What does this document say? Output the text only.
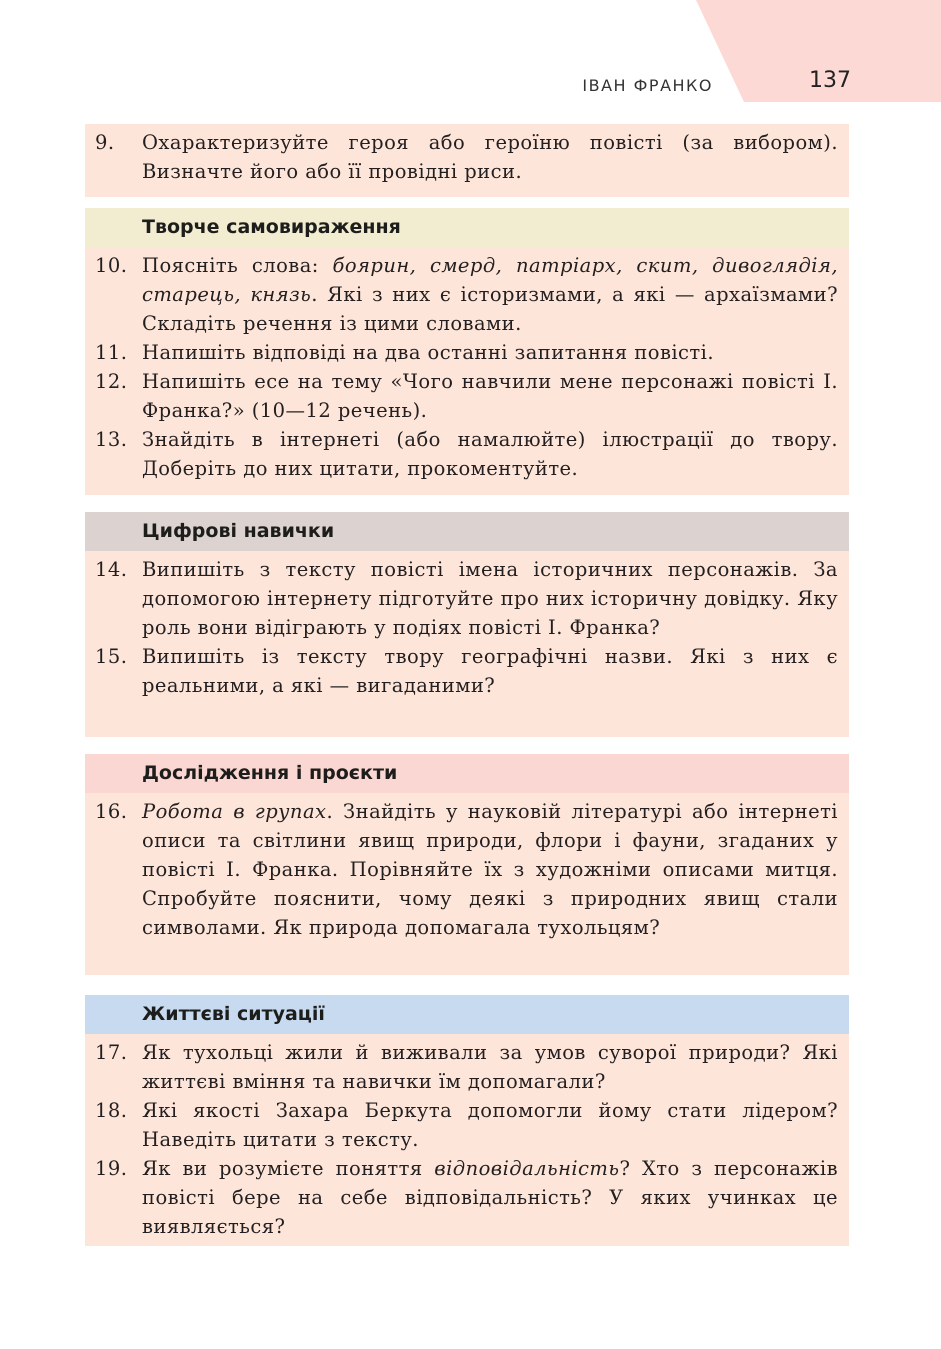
ІВАН ФРАНКО	137
9. Охарактеризуйте героя або героїню повісті (за вибором). Визначте його або її провідні риси.
Творче самовираження
10. Поясніть слова: боярин, смерд, патріарх, скит, дивоглядія, старець, князь. Які з них є історизмами, а які — архаїзмами? Складіть речення із цими словами.
11. Напишіть відповіді на два останні запитання повісті.
12. Напишіть есе на тему «Чого навчили мене персонажі повісті І. Франка?» (10—12 речень).
13. Знайдіть в інтернеті (або намалюйте) ілюстрації до твору. Доберіть до них цитати, прокоментуйте.
Цифрові навички
14. Випишіть з тексту повісті імена історичних персонажів. За допомогою інтернету підготуйте про них історичну довідку. Яку роль вони відіграють у подіях повісті І. Франка?
15. Випишіть із тексту твору географічні назви. Які з них є реальними, а які — вигаданими?
Дослідження і проєкти
16. Робота в групах. Знайдіть у науковій літературі або інтернеті описи та світлини явищ природи, флори і фауни, згаданих у повісті І. Франка. Порівняйте їх з художніми описами митця. Спробуйте пояснити, чому деякі з природних явищ стали символами. Як природа допомагала тухольцям?
Життєві ситуації
17. Як тухольці жили й виживали за умов суворої природи? Які життєві вміння та навички їм допомагали?
18. Які якості Захара Беркута допомогли йому стати лідером? Наведіть цитати з тексту.
19. Як ви розумієте поняття відповідальність? Хто з персонажів повісті бере на себе відповідальність? У яких учинках це виявляється?
